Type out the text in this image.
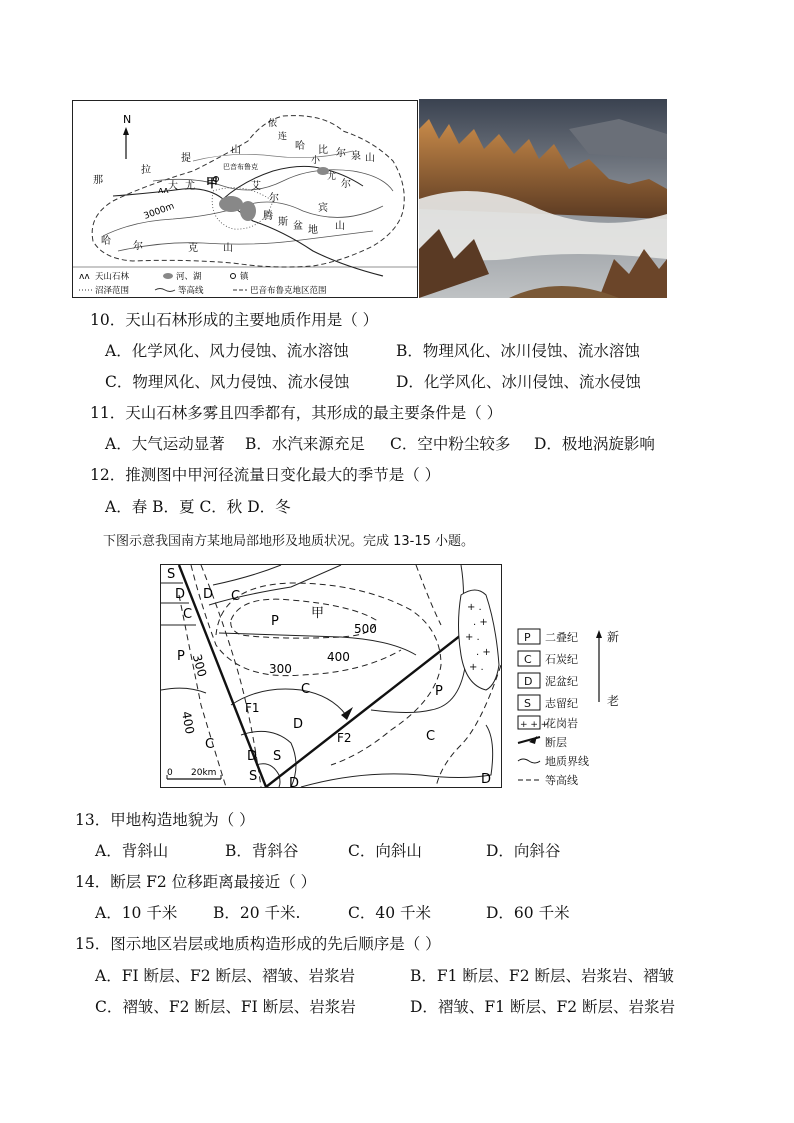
N
ᴧᴧ
拉
提
山
那
大 尤 甲	艾
尔
小
尤
尔
哈 尔	克	山
腾
斯 盆 地
宾
山
依
连
哈 比 尔 泉 山
3000m
巴音布鲁克
ᴧᴧ 天山石林	河、湖	镇
沼泽范围	等高线	巴音布鲁克地区范围
10．天山石林形成的主要地质作用是（ ）
A．化学风化、风力侵蚀、流水溶蚀	B．物理风化、冰川侵蚀、流水溶蚀
C．物理风化、风力侵蚀、流水侵蚀	D．化学风化、冰川侵蚀、流水侵蚀
11．天山石林多雾且四季都有，其形成的最主要条件是（ ）
A．大气运动显著 B．水汽来源充足 C．空中粉尘较多 D．极地涡旋影响
12．推测图中甲河径流量日变化最大的季节是（ ）
A．春 B．夏 C．秋 D．冬
下图示意我国南方某地局部地形及地质状况。完成 13-15 小题。
+ .
. +
+ .
. +
+ .
0 20km
S
D
C
P
C
D
D S
S D
C
P
C
D
D
P
C
F1
F2
甲
500
400
300
300
400
P 二叠纪
C 石炭纪
D 泥盆纪
S 志留纪
+ + +
花岗岩
断层
地质界线
等高线
新
老
13．甲地构造地貌为（ ）
A．背斜山	B．背斜谷	C．向斜山	D．向斜谷
14．断层 F2 位移距离最接近（ ）
A．10 千米 B．20 千米.	C．40 千米	D．60 千米
15．图示地区岩层或地质构造形成的先后顺序是（ ）
A．FI 断层、F2 断层、褶皱、岩浆岩	B．F1 断层、F2 断层、岩浆岩、褶皱
C．褶皱、F2 断层、FI 断层、岩浆岩	D．褶皱、F1 断层、F2 断层、岩浆岩
